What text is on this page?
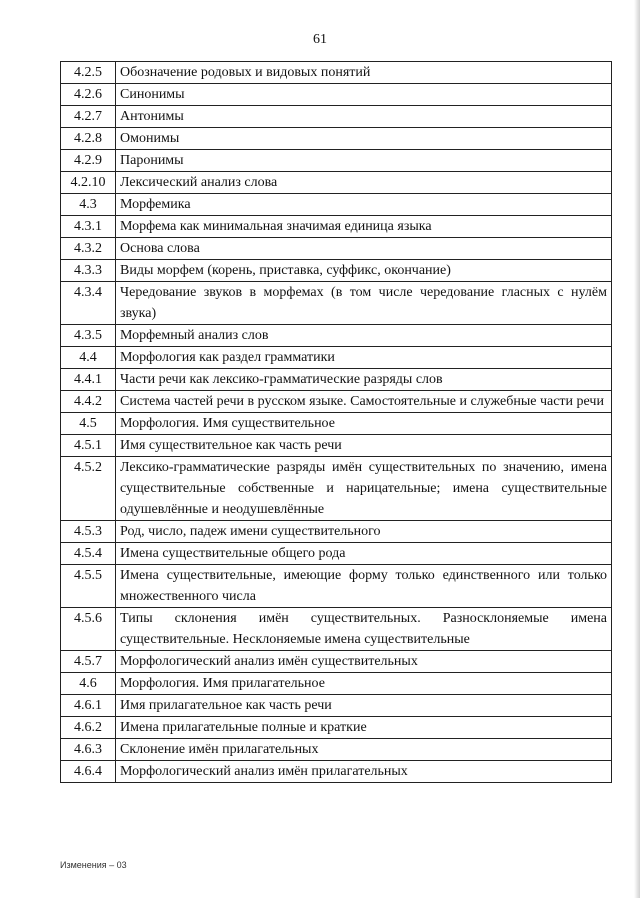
61
4.2.5	Обозначение родовых и видовых понятий
4.2.6	Синонимы
4.2.7	Антонимы
4.2.8	Омонимы
4.2.9	Паронимы
4.2.10	Лексический анализ слова
4.3	Морфемика
4.3.1	Морфема как минимальная значимая единица языка
4.3.2	Основа слова
4.3.3	Виды морфем (корень, приставка, суффикс, окончание)
4.3.4	Чередование звуков в морфемах (в том числе чередование гласных с нулём звука)
4.3.5	Морфемный анализ слов
4.4	Морфология как раздел грамматики
4.4.1	Части речи как лексико-грамматические разряды слов
4.4.2	Система частей речи в русском языке. Самостоятельные и служебные части речи
4.5	Морфология. Имя существительное
4.5.1	Имя существительное как часть речи
4.5.2	Лексико-грамматические разряды имён существительных по значению, имена существительные собственные и нарицательные; имена существительные одушевлённые и неодушевлённые
4.5.3	Род, число, падеж имени существительного
4.5.4	Имена существительные общего рода
4.5.5	Имена существительные, имеющие форму только единственного или только множественного числа
4.5.6	Типы склонения имён существительных. Разносклоняемые имена существительные. Несклоняемые имена существительные
4.5.7	Морфологический анализ имён существительных
4.6	Морфология. Имя прилагательное
4.6.1	Имя прилагательное как часть речи
4.6.2	Имена прилагательные полные и краткие
4.6.3	Склонение имён прилагательных
4.6.4	Морфологический анализ имён прилагательных
Изменения – 03
